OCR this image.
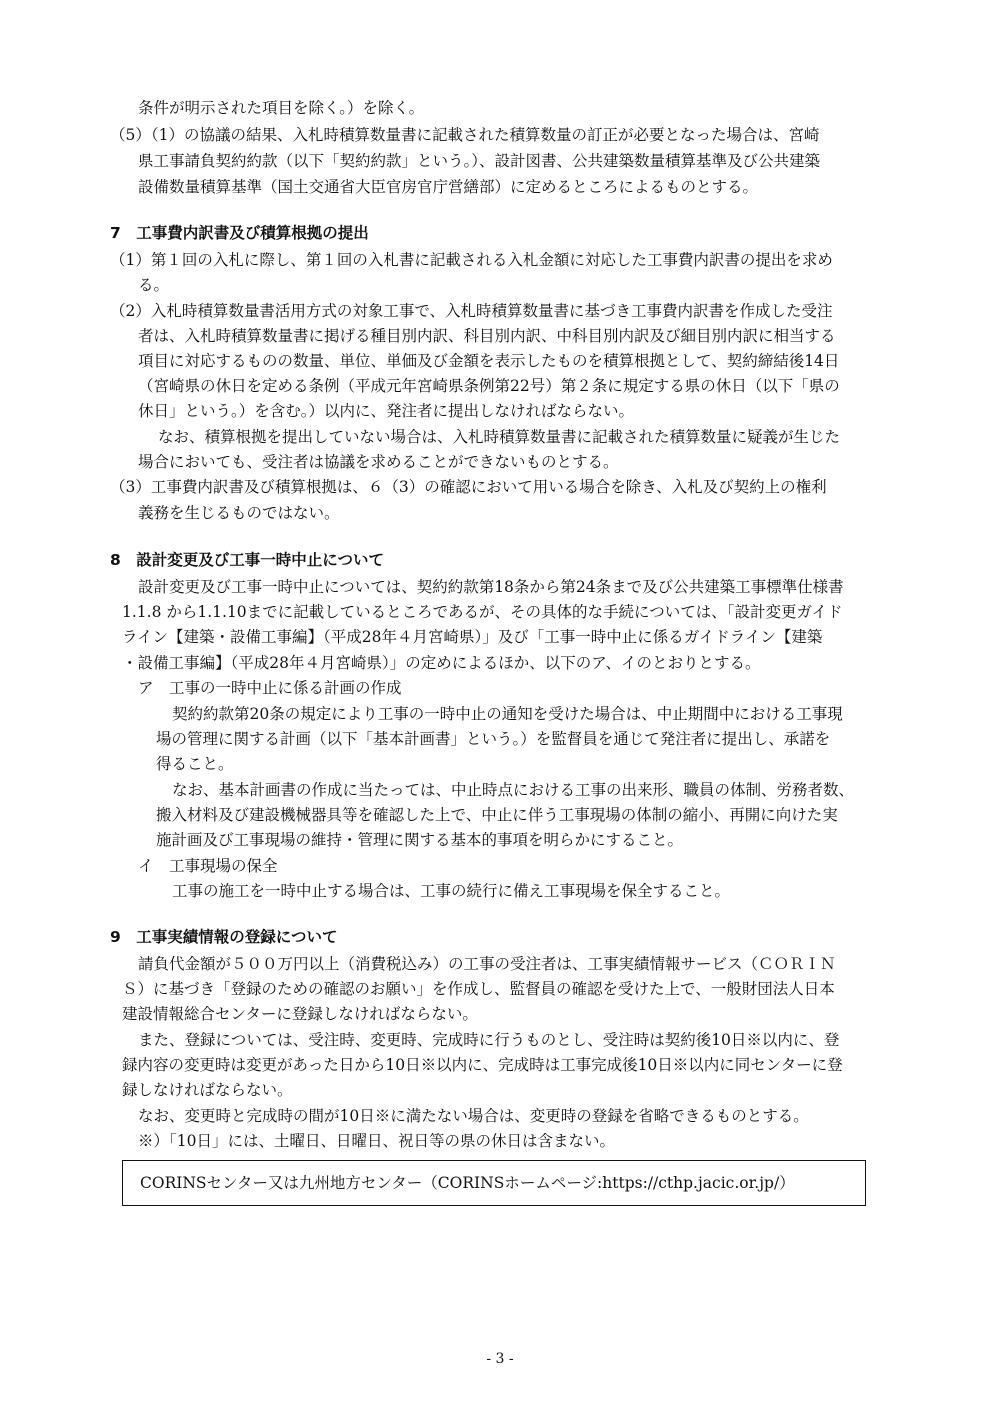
条件が明示された項目を除く。）を除く。
（5）（1）の協議の結果、入札時積算数量書に記載された積算数量の訂正が必要となった場合は、宮崎
県工事請負契約約款（以下「契約約款」という。）、設計図書、公共建築数量積算基準及び公共建築
設備数量積算基準（国土交通省大臣官房官庁営繕部）に定めるところによるものとする。
7　工事費内訳書及び積算根拠の提出
（1）第１回の入札に際し、第１回の入札書に記載される入札金額に対応した工事費内訳書の提出を求め
る。
（2）入札時積算数量書活用方式の対象工事で、入札時積算数量書に基づき工事費内訳書を作成した受注
者は、入札時積算数量書に掲げる種目別内訳、科目別内訳、中科目別内訳及び細目別内訳に相当する
項目に対応するものの数量、単位、単価及び金額を表示したものを積算根拠として、契約締結後14日
（宮崎県の休日を定める条例（平成元年宮崎県条例第22号）第２条に規定する県の休日（以下「県の
休日」という。）を含む。）以内に、発注者に提出しなければならない。
なお、積算根拠を提出していない場合は、入札時積算数量書に記載された積算数量に疑義が生じた
場合においても、受注者は協議を求めることができないものとする。
（3）工事費内訳書及び積算根拠は、６（3）の確認において用いる場合を除き、入札及び契約上の権利
義務を生じるものではない。
8　設計変更及び工事一時中止について
設計変更及び工事一時中止については、契約約款第18条から第24条まで及び公共建築工事標準仕様書
1.1.8 から1.1.10までに記載しているところであるが、その具体的な手続については、「設計変更ガイド
ライン【建築・設備工事編】（平成28年４月宮崎県）」及び「工事一時中止に係るガイドライン【建築
・設備工事編】（平成28年４月宮崎県）」の定めによるほか、以下のア、イのとおりとする。
ア　工事の一時中止に係る計画の作成
契約約款第20条の規定により工事の一時中止の通知を受けた場合は、中止期間中における工事現
場の管理に関する計画（以下「基本計画書」という。）を監督員を通じて発注者に提出し、承諾を
得ること。
なお、基本計画書の作成に当たっては、中止時点における工事の出来形、職員の体制、労務者数、
搬入材料及び建設機械器具等を確認した上で、中止に伴う工事現場の体制の縮小、再開に向けた実
施計画及び工事現場の維持・管理に関する基本的事項を明らかにすること。
イ　工事現場の保全
工事の施工を一時中止する場合は、工事の続行に備え工事現場を保全すること。
9　工事実績情報の登録について
請負代金額が５００万円以上（消費税込み）の工事の受注者は、工事実績情報サービス（ＣＯＲＩＮ
Ｓ）に基づき「登録のための確認のお願い」を作成し、監督員の確認を受けた上で、一般財団法人日本
建設情報総合センターに登録しなければならない。
また、登録については、受注時、変更時、完成時に行うものとし、受注時は契約後10日※以内に、登
録内容の変更時は変更があった日から10日※以内に、完成時は工事完成後10日※以内に同センターに登
録しなければならない。
なお、変更時と完成時の間が10日※に満たない場合は、変更時の登録を省略できるものとする。
※）「10日」には、土曜日、日曜日、祝日等の県の休日は含まない。
CORINSセンター又は九州地方センター（CORINSホームページ:https://cthp.jacic.or.jp/）
- 3 -
